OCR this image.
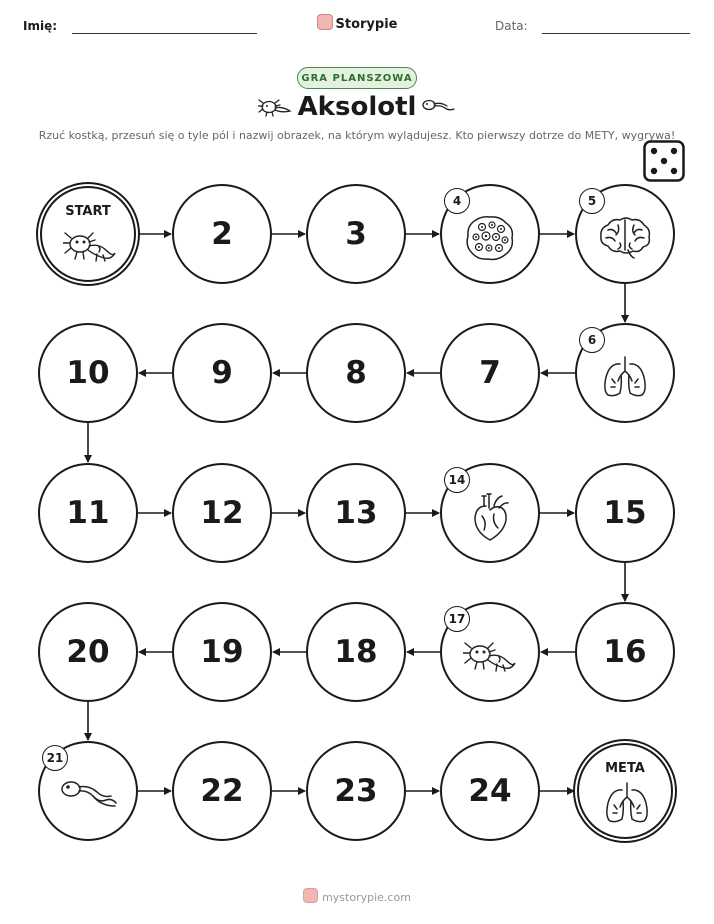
Imię:	Storypie	Data:
GRA PLANSZOWA
Aksolotl
Rzuć kostką, przesuń się o tyle pól i nazwij obrazek, na którym wylądujesz. Kto pierwszy dotrze do METY, wygrywa!
START
2	3
4	5
6
7
8
9
10
11	12	13
14
15
16
17
18
19
20
21
22	23	24
META
mystorypie.com
